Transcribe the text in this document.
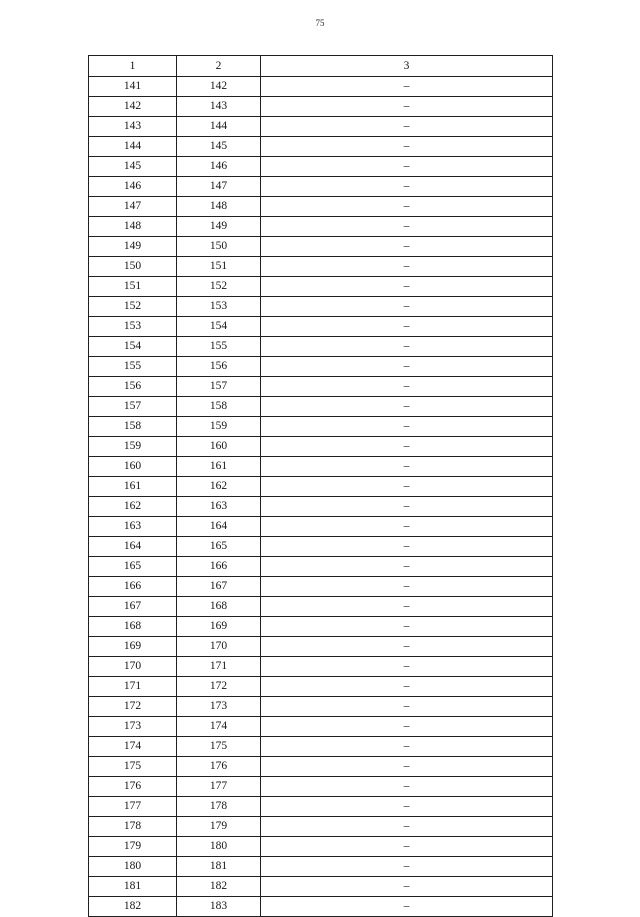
75
1	2	3
141	142	–
142	143	–
143	144	–
144	145	–
145	146	–
146	147	–
147	148	–
148	149	–
149	150	–
150	151	–
151	152	–
152	153	–
153	154	–
154	155	–
155	156	–
156	157	–
157	158	–
158	159	–
159	160	–
160	161	–
161	162	–
162	163	–
163	164	–
164	165	–
165	166	–
166	167	–
167	168	–
168	169	–
169	170	–
170	171	–
171	172	–
172	173	–
173	174	–
174	175	–
175	176	–
176	177	–
177	178	–
178	179	–
179	180	–
180	181	–
181	182	–
182	183	–
